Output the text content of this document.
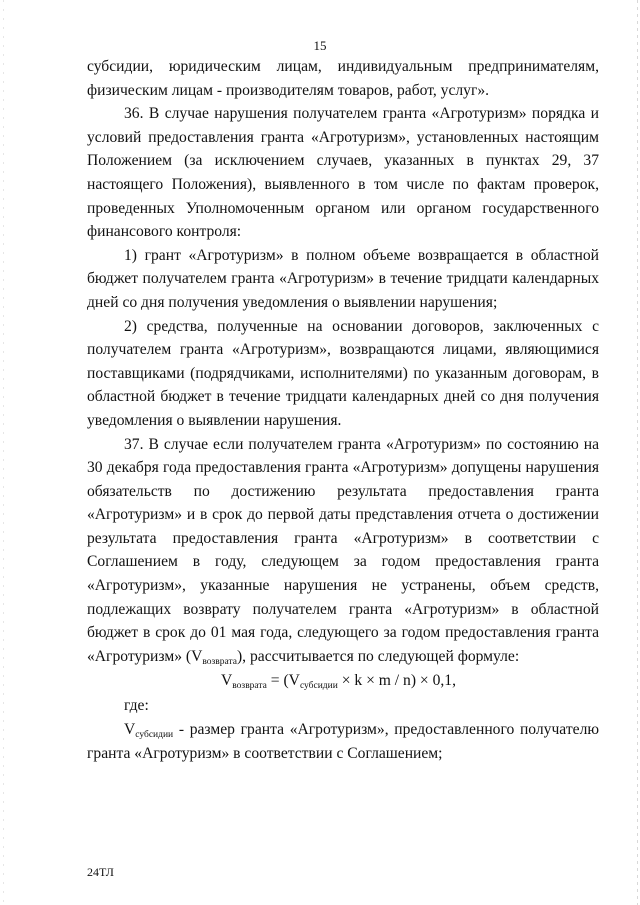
15

субсидии, юридическим лицам, индивидуальным предпринимателям, физическим лицам - производителям товаров, работ, услуг».

36. В случае нарушения получателем гранта «Агротуризм» порядка и условий предоставления гранта «Агротуризм», установленных настоящим Положением (за исключением случаев, указанных в пунктах 29, 37 настоящего Положения), выявленного в том числе по фактам проверок, проведенных Уполномоченным органом или органом государственного финансового контроля:

1) грант «Агротуризм» в полном объеме возвращается в областной бюджет получателем гранта «Агротуризм» в течение тридцати календарных дней со дня получения уведомления о выявлении нарушения;

2) средства, полученные на основании договоров, заключенных с получателем гранта «Агротуризм», возвращаются лицами, являющимися поставщиками (подрядчиками, исполнителями) по указанным договорам, в областной бюджет в течение тридцати календарных дней со дня получения уведомления о выявлении нарушения.

37. В случае если получателем гранта «Агротуризм» по состоянию на 30 декабря года предоставления гранта «Агротуризм» допущены нарушения обязательств по достижению результата предоставления гранта «Агротуризм» и в срок до первой даты представления отчета о достижении результата предоставления гранта «Агротуризм» в соответствии с Соглашением в году, следующем за годом предоставления гранта «Агротуризм», указанные нарушения не устранены, объем средств, подлежащих возврату получателем гранта «Агротуризм» в областной бюджет в срок до 01 мая года, следующего за годом предоставления гранта «Агротуризм» $(V_{возврата})$, рассчитывается по следующей формуле:

$V_{возврата} = (V_{субсидии} \times k \times m / n) \times 0,1$,

где:

$V_{субсидии}$ - размер гранта «Агротуризм», предоставленного получателю гранта «Агротуризм» в соответствии с Соглашением;

24ТЛ
